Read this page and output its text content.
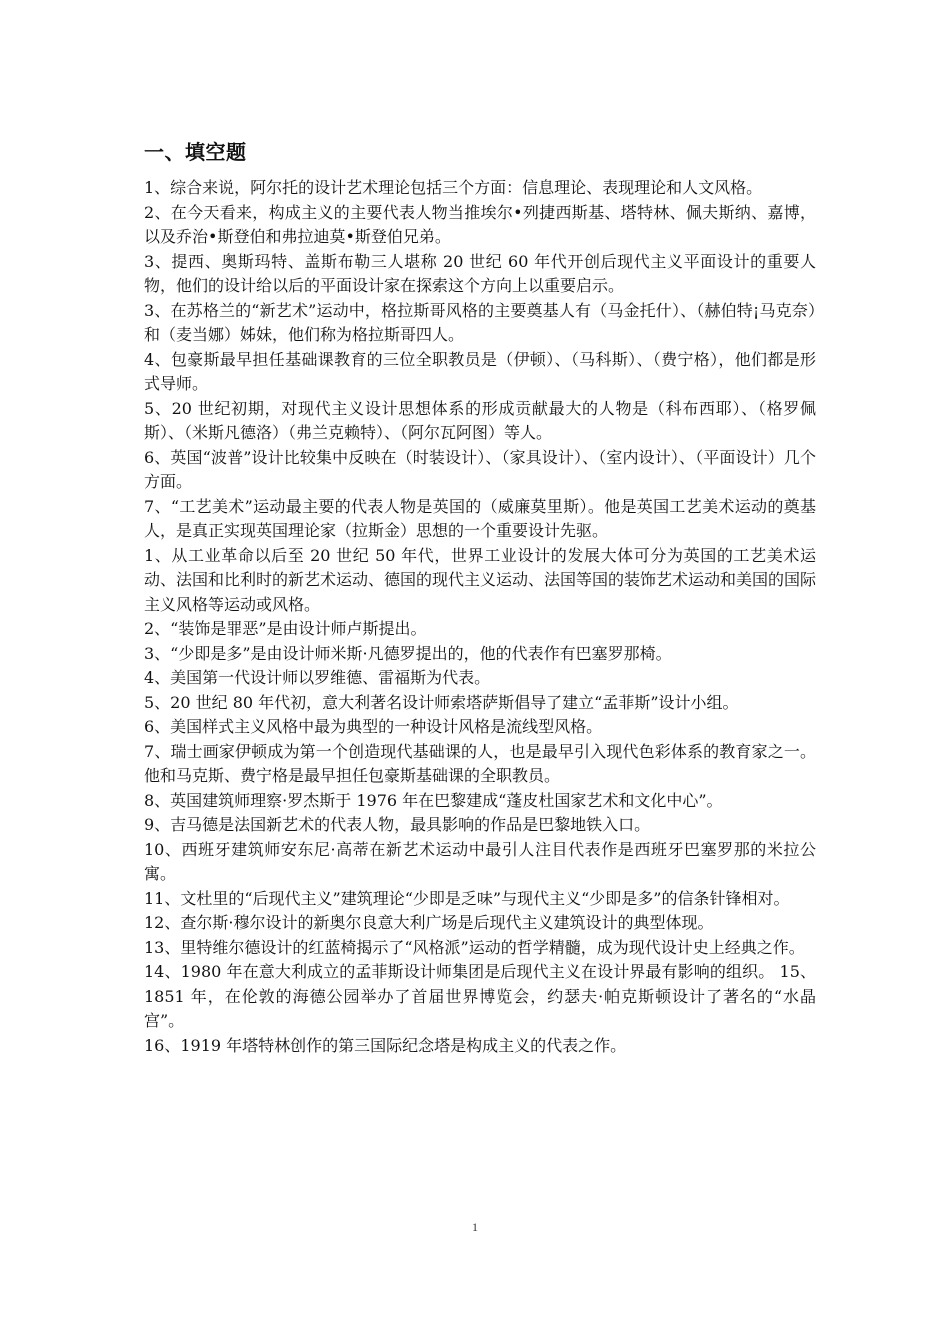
一、填空题

1、综合来说，阿尔托的设计艺术理论包括三个方面：信息理论、表现理论和人文风格。

2、在今天看来，构成主义的主要代表人物当推埃尔•列捷西斯基、塔特林、佩夫斯纳、嘉博，以及乔治•斯登伯和弗拉迪莫•斯登伯兄弟。

3、提西、奥斯玛特、盖斯布勒三人堪称 20 世纪 60 年代开创后现代主义平面设计的重要人物，他们的设计给以后的平面设计家在探索这个方向上以重要启示。

3、在苏格兰的“新艺术”运动中，格拉斯哥风格的主要奠基人有（马金托什）、（赫伯特¡马克奈）和（麦当娜）姊妹，他们称为格拉斯哥四人。

4、包豪斯最早担任基础课教育的三位全职教员是（伊顿）、（马科斯）、（费宁格），他们都是形式导师。

5、20 世纪初期，对现代主义设计思想体系的形成贡献最大的人物是（科布西耶）、（格罗佩斯）、（米斯凡德洛）（弗兰克赖特）、（阿尔瓦阿图）等人。

6、英国“波普”设计比较集中反映在（时装设计）、（家具设计）、（室内设计）、（平面设计）几个方面。

7、“工艺美术”运动最主要的代表人物是英国的（威廉莫里斯）。他是英国工艺美术运动的奠基人，是真正实现英国理论家（拉斯金）思想的一个重要设计先驱。

1、从工业革命以后至 20 世纪 50 年代，世界工业设计的发展大体可分为英国的工艺美术运动、法国和比利时的新艺术运动、德国的现代主义运动、法国等国的装饰艺术运动和美国的国际主义风格等运动或风格。

2、“装饰是罪恶”是由设计师卢斯提出。

3、“少即是多”是由设计师米斯·凡德罗提出的，他的代表作有巴塞罗那椅。

4、美国第一代设计师以罗维德、雷福斯为代表。

5、20 世纪 80 年代初，意大利著名设计师索塔萨斯倡导了建立“孟菲斯”设计小组。

6、美国样式主义风格中最为典型的一种设计风格是流线型风格。

7、瑞士画家伊顿成为第一个创造现代基础课的人，也是最早引入现代色彩体系的教育家之一。他和马克斯、费宁格是最早担任包豪斯基础课的全职教员。

8、英国建筑师理察·罗杰斯于 1976 年在巴黎建成“蓬皮杜国家艺术和文化中心”。

9、吉马德是法国新艺术的代表人物，最具影响的作品是巴黎地铁入口。

10、西班牙建筑师安东尼·高蒂在新艺术运动中最引人注目代表作是西班牙巴塞罗那的米拉公寓。

11、文杜里的“后现代主义”建筑理论“少即是乏味”与现代主义“少即是多”的信条针锋相对。

12、查尔斯·穆尔设计的新奥尔良意大利广场是后现代主义建筑设计的典型体现。

13、里特维尔德设计的红蓝椅揭示了“风格派”运动的哲学精髓，成为现代设计史上经典之作。

14、1980 年在意大利成立的孟菲斯设计师集团是后现代主义在设计界最有影响的组织。 15、1851 年，在伦敦的海德公园举办了首届世界博览会，约瑟夫·帕克斯顿设计了著名的“水晶宫”。

16、1919 年塔特林创作的第三国际纪念塔是构成主义的代表之作。

1
